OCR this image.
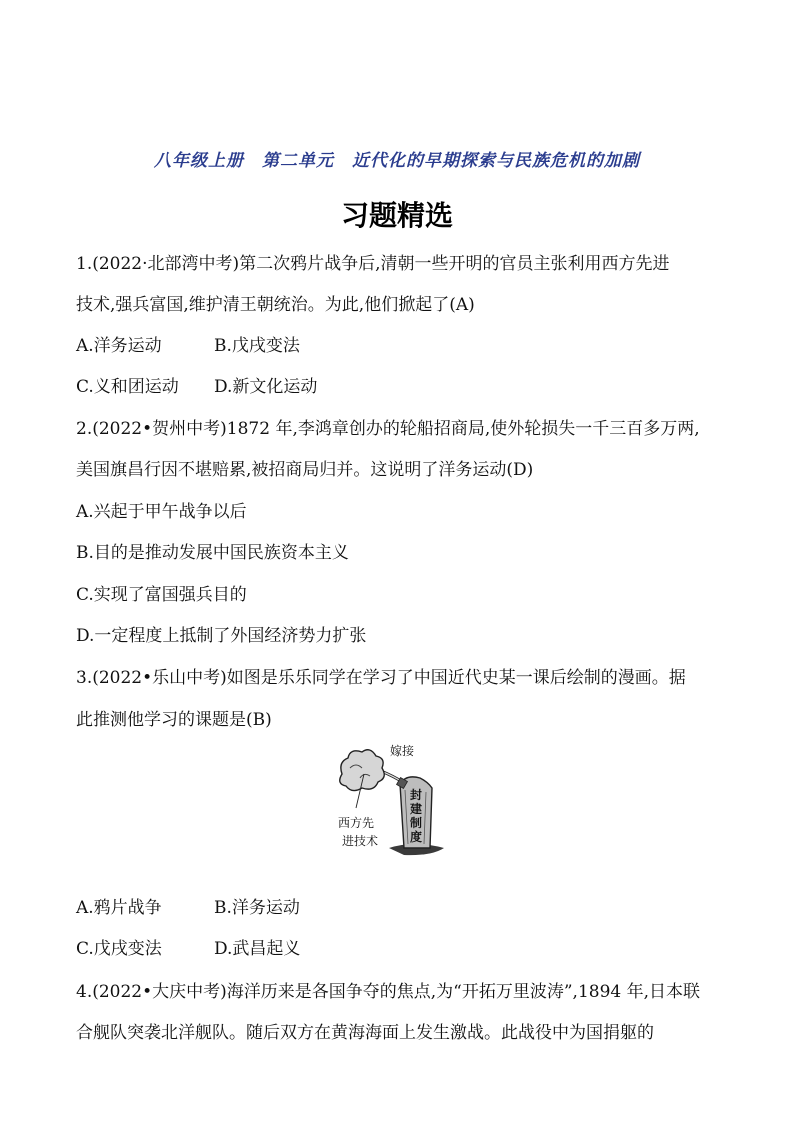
八年级上册　第二单元　近代化的早期探索与民族危机的加剧
习题精选
1.(2022·北部湾中考)第二次鸦片战争后,清朝一些开明的官员主张利用西方先进
技术,强兵富国,维护清王朝统治。为此,他们掀起了(A)
A.洋务运动	B.戊戌变法
C.义和团运动 D.新文化运动
2.(2022•贺州中考)1872 年,李鸿章创办的轮船招商局,使外轮损失一千三百多万两,
美国旗昌行因不堪赔累,被招商局归并。这说明了洋务运动(D)
A.兴起于甲午战争以后
B.目的是推动发展中国民族资本主义
C.实现了富国强兵目的
D.一定程度上抵制了外国经济势力扩张
3.(2022•乐山中考)如图是乐乐同学在学习了中国近代史某一课后绘制的漫画。据
此推测他学习的课题是(B)
嫁接
西方先
进技术
封
建
制
度
A.鸦片战争	B.洋务运动
C.戊戌变法	D.武昌起义
4.(2022•大庆中考)海洋历来是各国争夺的焦点,为“开拓万里波涛”,1894 年,日本联
合舰队突袭北洋舰队。随后双方在黄海海面上发生激战。此战役中为国捐躯的
